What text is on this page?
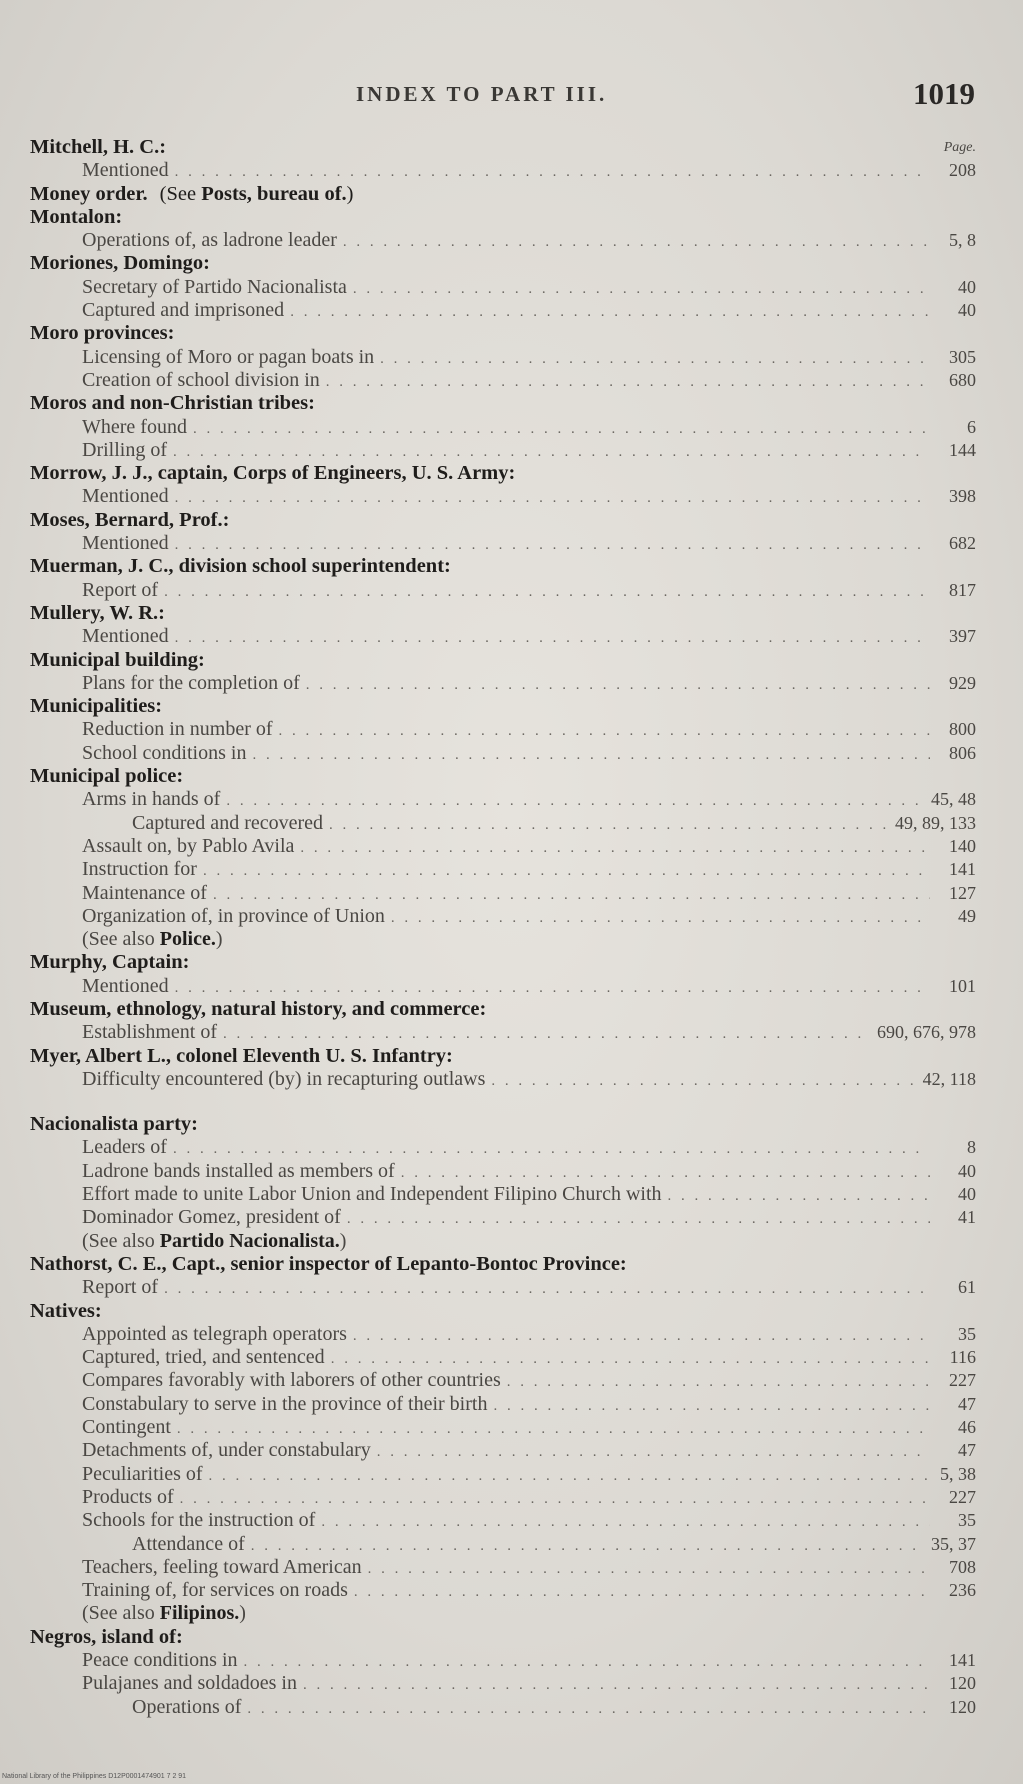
INDEX TO PART III.	1019
Page.
Mitchell, H. C.:
Mentioned . . .	208
Money order. (See Posts, bureau of.)
Montalon:
Operations of, as ladrone leader . . .	5, 8
Moriones, Domingo:
Secretary of Partido Nacionalista . . .	40
Captured and imprisoned . . .	40
Moro provinces:
Licensing of Moro or pagan boats in . . .	305
Creation of school division in . . .	680
Moros and non-Christian tribes:
Where found . . .	6
Drilling of . . .	144
Morrow, J. J., captain, Corps of Engineers, U. S. Army:
Mentioned . . .	398
Moses, Bernard, Prof.:
Mentioned . . .	682
Muerman, J. C., division school superintendent:
Report of . . .	817
Mullery, W. R.:
Mentioned . . .	397
Municipal building:
Plans for the completion of . . .	929
Municipalities:
Reduction in number of . . .	800
School conditions in . . .	806
Municipal police:
Arms in hands of . . .	45, 48
Captured and recovered . . .	49, 89, 133
Assault on, by Pablo Avila . . .	140
Instruction for . . .	141
Maintenance of . . .	127
Organization of, in province of Union . . .	49
(See also Police.)
Murphy, Captain:
Mentioned . . .	101
Museum, ethnology, natural history, and commerce:
Establishment of . . .	690, 676, 978
Myer, Albert L., colonel Eleventh U. S. Infantry:
Difficulty encountered (by) in recapturing outlaws . . .	42, 118
Nacionalista party:
Leaders of . . .	8
Ladrone bands installed as members of . . .	40
Effort made to unite Labor Union and Independent Filipino Church with . . .	40
Dominador Gomez, president of . . .	41
(See also Partido Nacionalista.)
Nathorst, C. E., Capt., senior inspector of Lepanto-Bontoc Province:
Report of . . .	61
Natives:
Appointed as telegraph operators . . .	35
Captured, tried, and sentenced . . .	116
Compares favorably with laborers of other countries . . .	227
Constabulary to serve in the province of their birth . . .	47
Contingent . . .	46
Detachments of, under constabulary . . .	47
Peculiarities of . . .	5, 38
Products of . . .	227
Schools for the instruction of . . .	35
Attendance of . . .	35, 37
Teachers, feeling toward American . . .	708
Training of, for services on roads . . .	236
(See also Filipinos.)
Negros, island of:
Peace conditions in . . .	141
Pulajanes and soldadoes in . . .	120
Operations of . . .	120
National Library of the Philippines D12P0001474901 7 2 91
